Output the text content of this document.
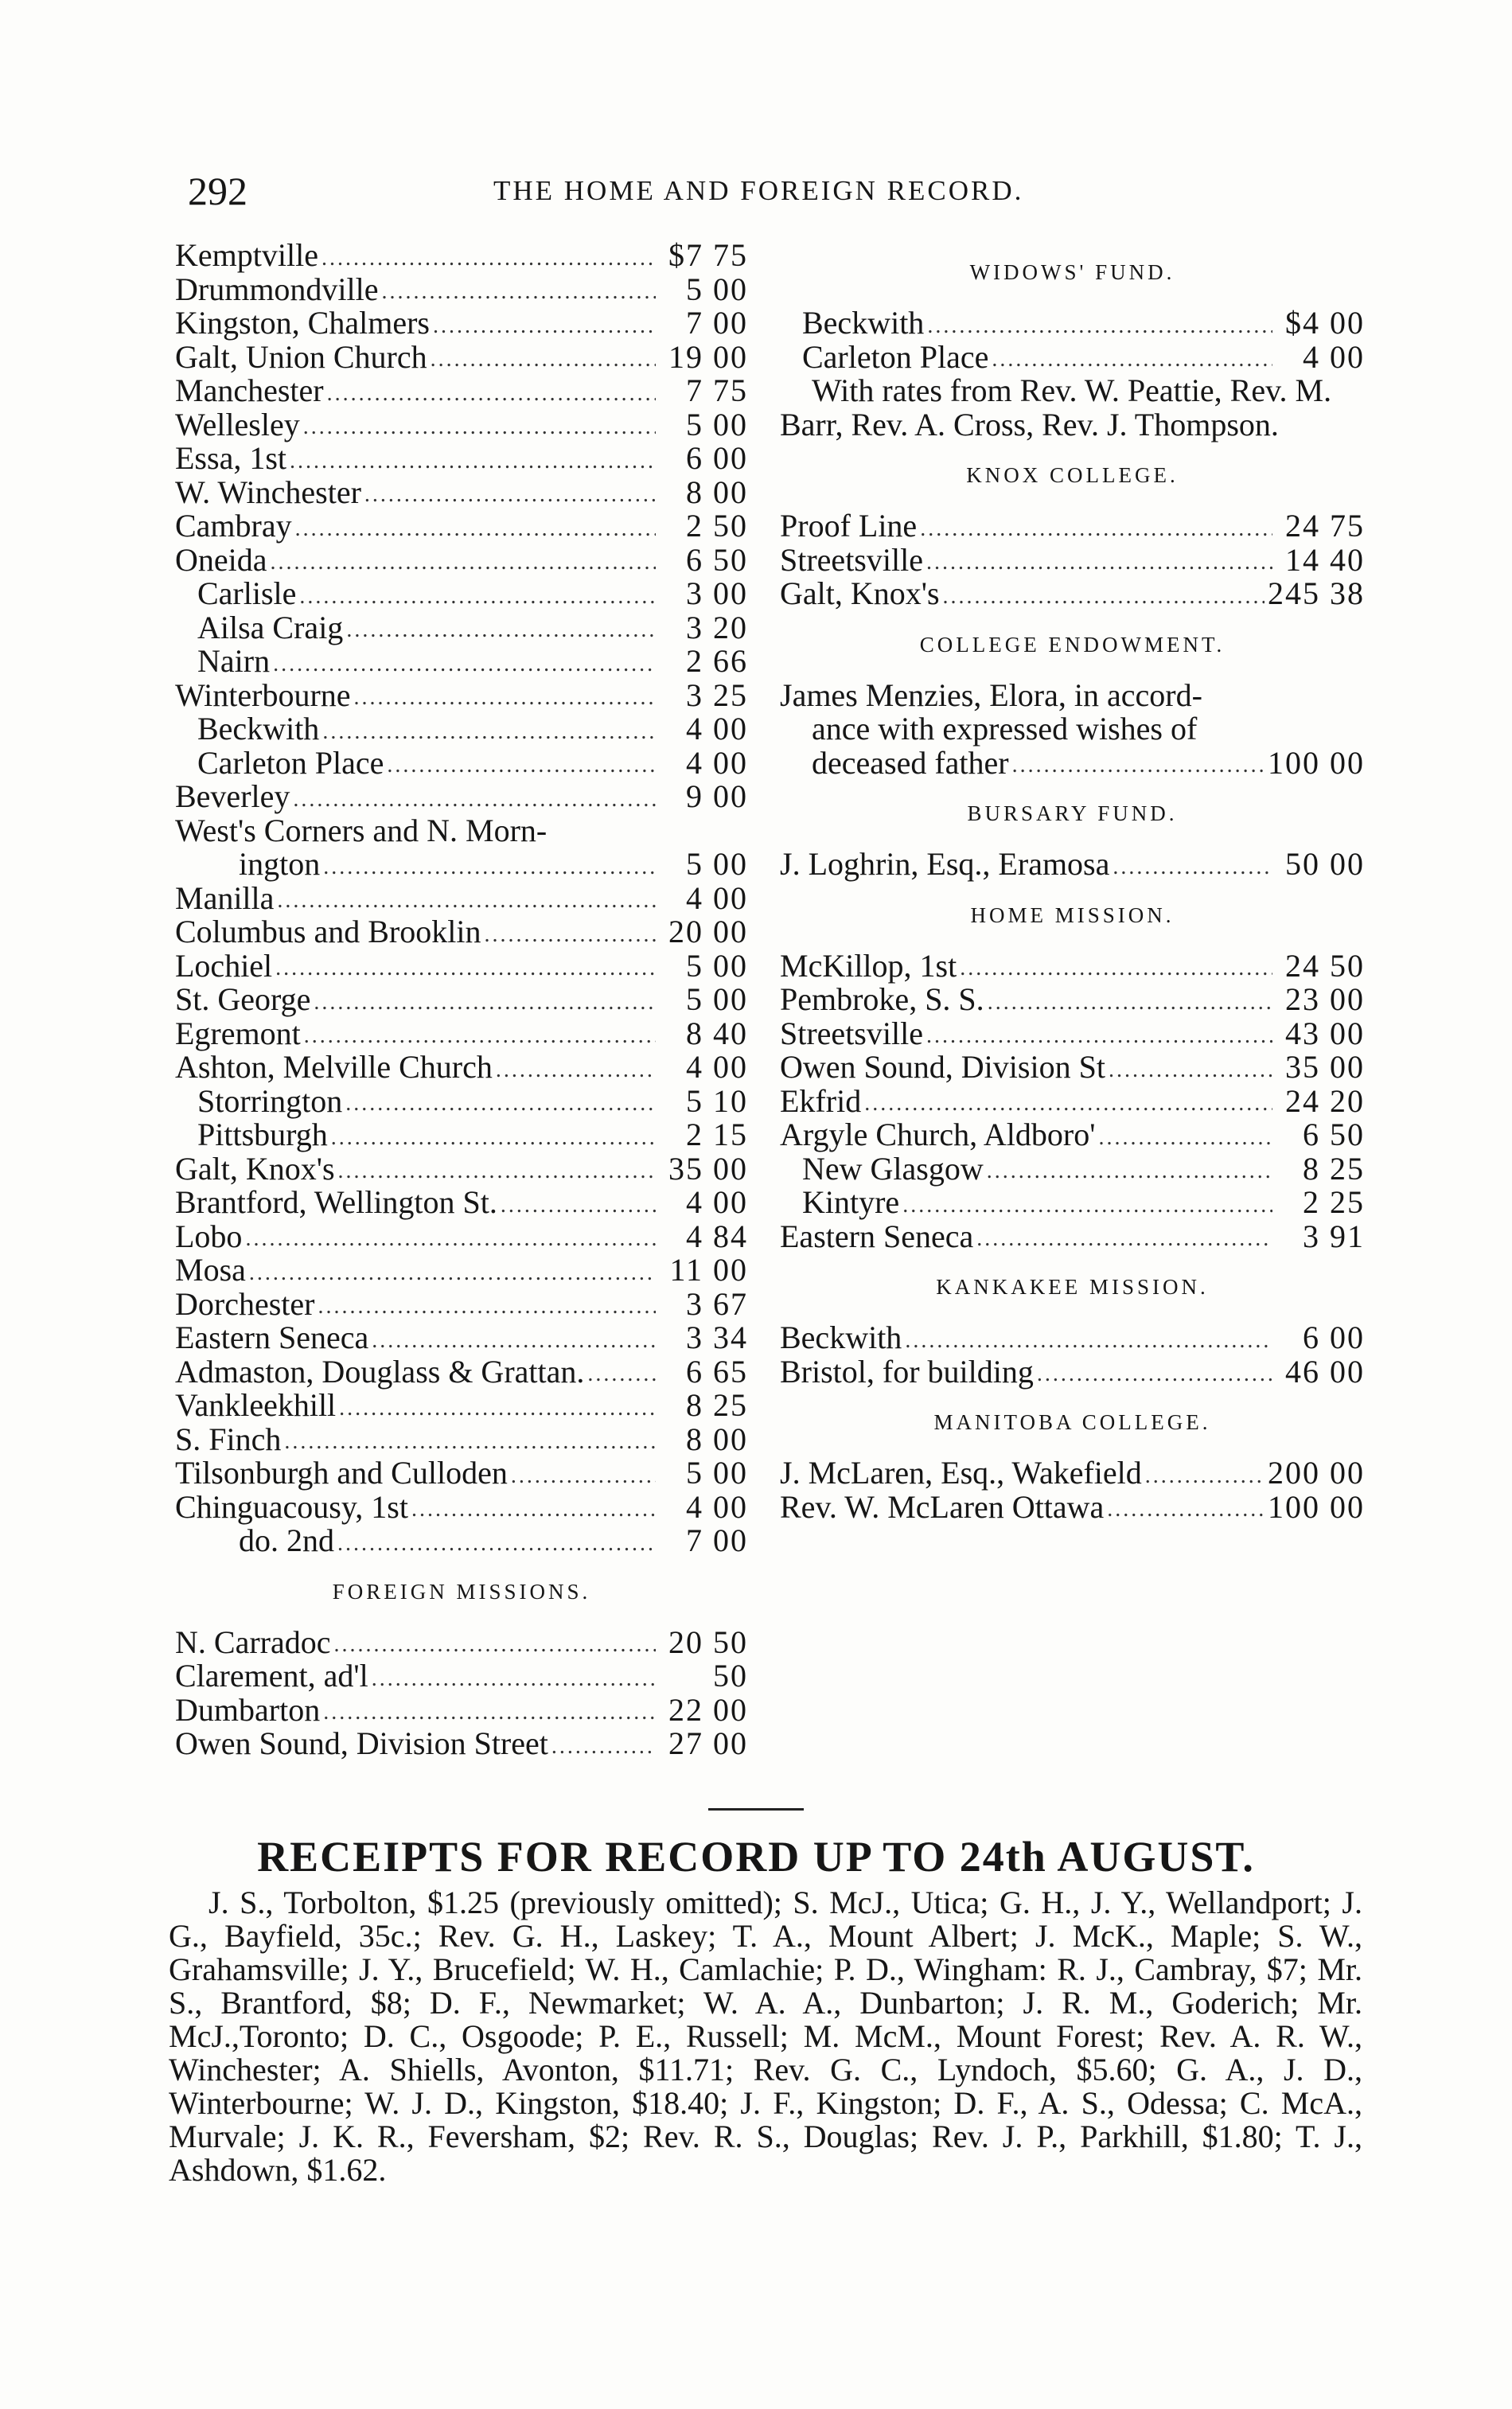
292	THE HOME AND FOREIGN RECORD.
Kemptville .....	$7 75
Drummondville .....	5 00
Kingston, Chalmers .....	7 00
Galt, Union Church .....	19 00
Manchester .....	7 75
Wellesley .....	5 00
Essa, 1st .....	6 00
W. Winchester .....	8 00
Cambray .....	2 50
Oneida .....	6 50
Carlisle .....	3 00
Ailsa Craig .....	3 20
Nairn .....	2 66
Winterbourne .....	3 25
Beckwith .....	4 00
Carleton Place .....	4 00
Beverley .....	9 00
West's Corners and N. Morn-
ington .....	5 00
Manilla .....	4 00
Columbus and Brooklin .....	20 00
Lochiel .....	5 00
St. George .....	5 00
Egremont .....	8 40
Ashton, Melville Church .....	4 00
Storrington .....	5 10
Pittsburgh .....	2 15
Galt, Knox's .....	35 00
Brantford, Wellington St. .....	4 00
Lobo .....	4 84
Mosa .....	11 00
Dorchester .....	3 67
Eastern Seneca .....	3 34
Admaston, Douglass & Grattan. .....	6 65
Vankleekhill .....	8 25
S. Finch .....	8 00
Tilsonburgh and Culloden .....	5 00
Chinguacousy, 1st .....	4 00
do. 2nd .....	7 00
FOREIGN MISSIONS.
N. Carradoc .....	20 50
Clarement, ad'l .....	50
Dumbarton .....	22 00
Owen Sound, Division Street .....	27 00
WIDOWS' FUND.
Beckwith .....	$4 00
Carleton Place .....	4 00
With rates from Rev. W. Peattie, Rev. M. Barr, Rev. A. Cross, Rev. J. Thompson.
KNOX COLLEGE.
Proof Line .....	24 75
Streetsville .....	14 40
Galt, Knox's .....	245 38
COLLEGE ENDOWMENT.
James Menzies, Elora, in accord-
ance with expressed wishes of
deceased father .....	100 00
BURSARY FUND.
J. Loghrin, Esq., Eramosa .....	50 00
HOME MISSION.
McKillop, 1st .....	24 50
Pembroke, S. S. .....	23 00
Streetsville .....	43 00
Owen Sound, Division St .....	35 00
Ekfrid .....	24 20
Argyle Church, Aldboro' .....	6 50
New Glasgow .....	8 25
Kintyre .....	2 25
Eastern Seneca .....	3 91
KANKAKEE MISSION.
Beckwith .....	6 00
Bristol, for building .....	46 00
MANITOBA COLLEGE.
J. McLaren, Esq., Wakefield .....	200 00
Rev. W. McLaren Ottawa .....	100 00
RECEIPTS FOR RECORD UP TO 24th AUGUST.
J. S., Torbolton, $1.25 (previously omitted); S. McJ., Utica; G. H., J. Y., Wellandport; J. G., Bayfield, 35c.; Rev. G. H., Laskey; T. A., Mount Albert; J. McK., Maple; S. W., Grahamsville; J. Y., Brucefield; W. H., Camlachie; P. D., Wingham: R. J., Cambray, $7; Mr. S., Brantford, $8; D. F., Newmarket; W. A. A., Dunbarton; J. R. M., Goderich; Mr. McJ.,Toronto; D. C., Osgoode; P. E., Russell; M. McM., Mount Forest; Rev. A. R. W., Winchester; A. Shiells, Avonton, $11.71; Rev. G. C., Lyndoch, $5.60; G. A., J. D., Winterbourne; W. J. D., Kingston, $18.40; J. F., Kingston; D. F., A. S., Odessa; C. McA., Murvale; J. K. R., Feversham, $2; Rev. R. S., Douglas; Rev. J. P., Parkhill, $1.80; T. J., Ashdown, $1.62.
